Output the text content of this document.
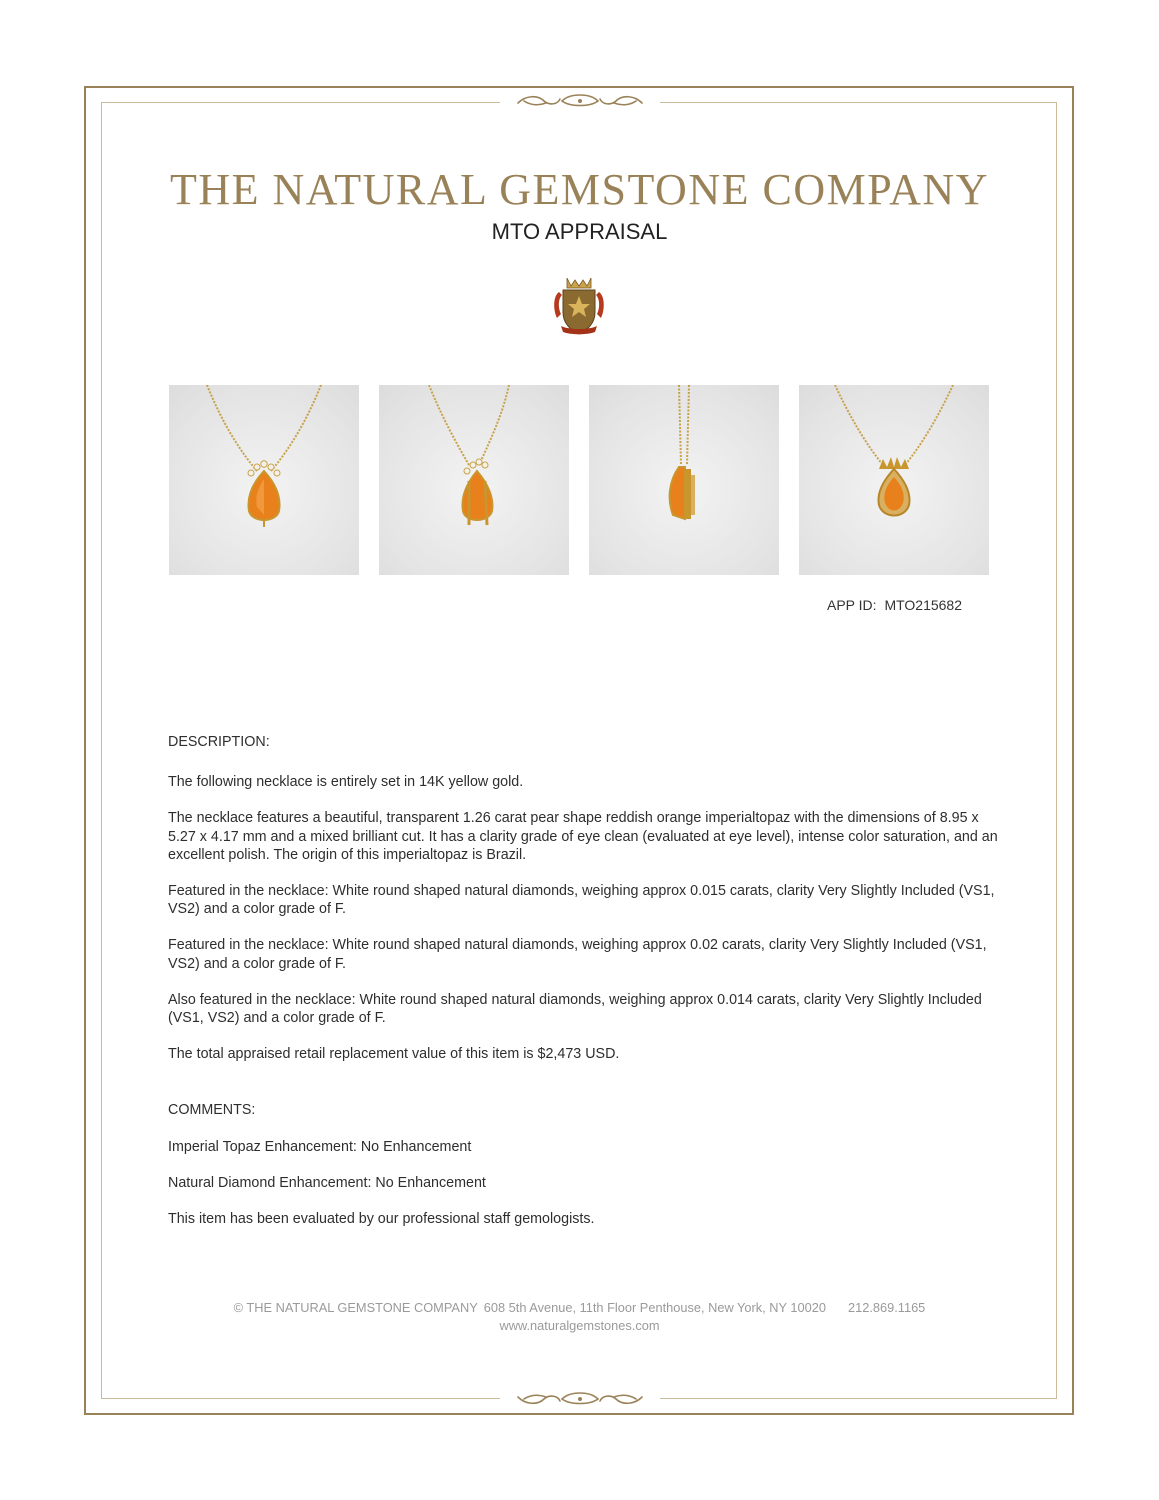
THE NATURAL GEMSTONE COMPANY
MTO APPRAISAL
APP ID: MTO215682

DESCRIPTION:

The following necklace is entirely set in 14K yellow gold.

The necklace features a beautiful, transparent 1.26 carat pear shape reddish orange imperialtopaz with the dimensions of 8.95 x 5.27 x 4.17 mm and a mixed brilliant cut. It has a clarity grade of eye clean (evaluated at eye level), intense color saturation, and an excellent polish. The origin of this imperialtopaz is Brazil.

Featured in the necklace: White round shaped natural diamonds, weighing approx 0.015 carats, clarity Very Slightly Included (VS1, VS2) and a color grade of F.

Featured in the necklace: White round shaped natural diamonds, weighing approx 0.02 carats, clarity Very Slightly Included (VS1, VS2) and a color grade of F.

Also featured in the necklace: White round shaped natural diamonds, weighing approx 0.014 carats, clarity Very Slightly Included (VS1, VS2) and a color grade of F.

The total appraised retail replacement value of this item is $2,473 USD.

COMMENTS:

Imperial Topaz Enhancement: No Enhancement

Natural Diamond Enhancement: No Enhancement

This item has been evaluated by our professional staff gemologists.

© THE NATURAL GEMSTONE COMPANY 608 5th Avenue, 11th Floor Penthouse, New York, NY 10020 212.869.1165
www.naturalgemstones.com
